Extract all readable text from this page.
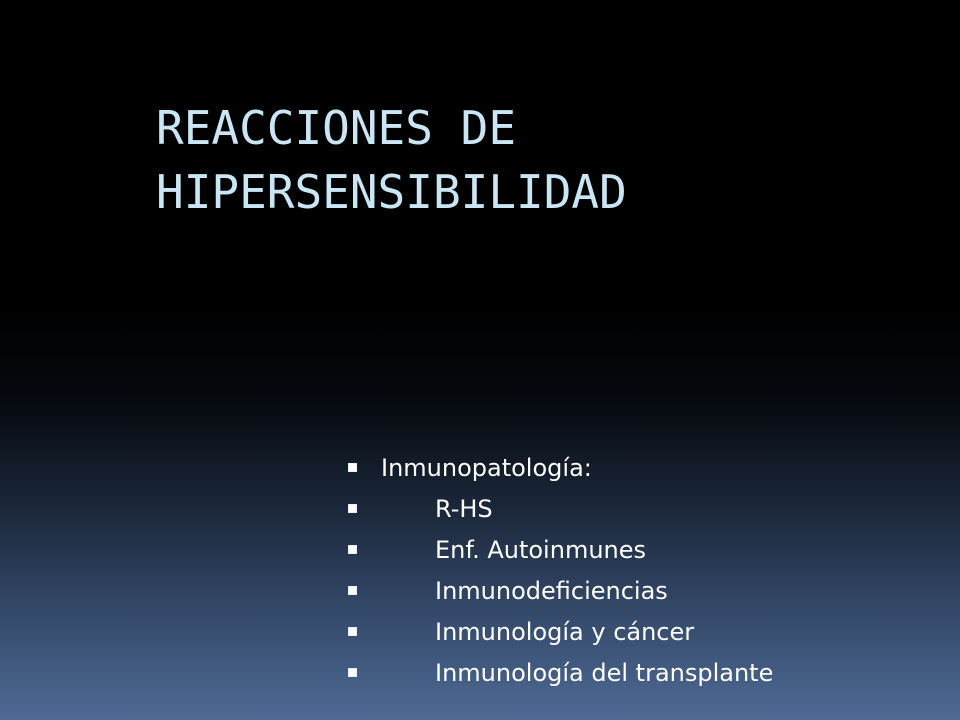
REACCIONES DE
HIPERSENSIBILIDAD
Inmunopatología:
R-HS
Enf. Autoinmunes
Inmunodeficiencias
Inmunología y cáncer
Inmunología del transplante
